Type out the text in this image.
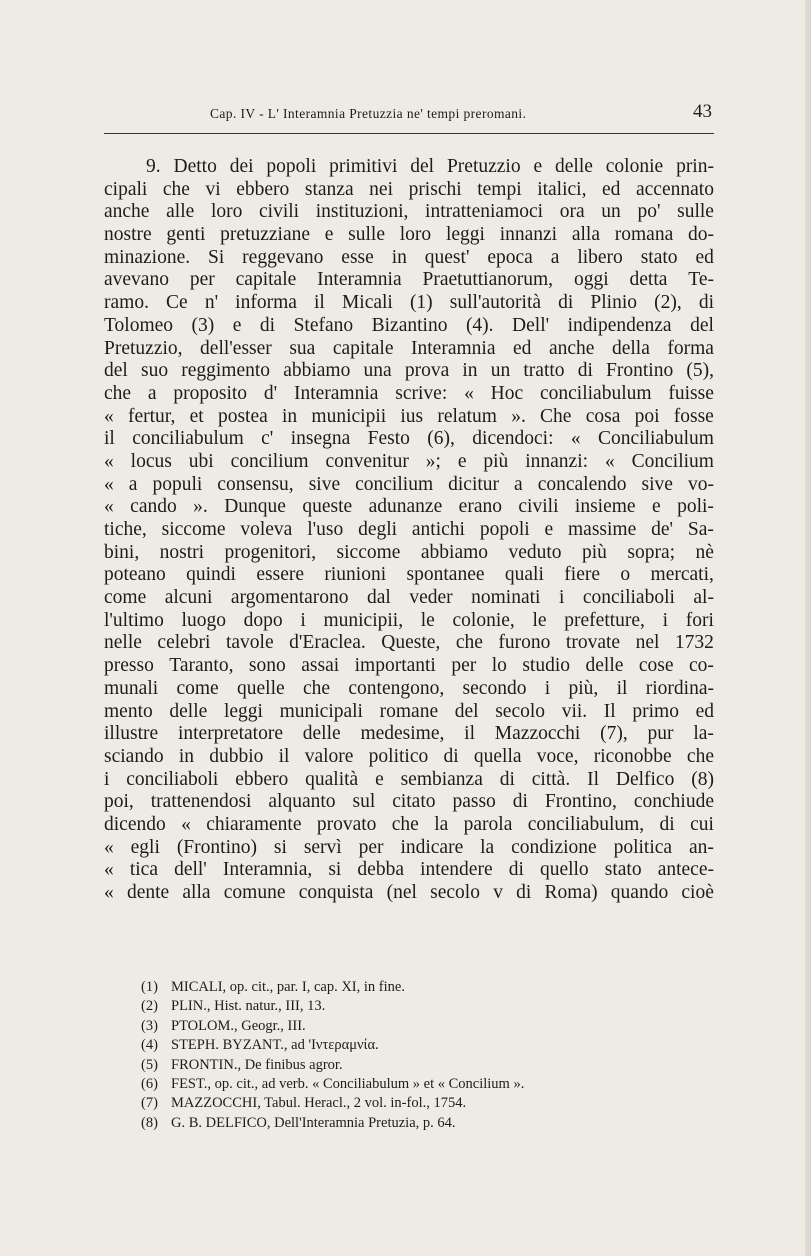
Cap. IV - L' Interamnia Pretuzzia ne' tempi preromani.	43
9. Detto dei popoli primitivi del Pretuzzio e delle colonie prin-
cipali che vi ebbero stanza nei prischi tempi italici, ed accennato
anche alle loro civili instituzioni, intratteniamoci ora un po' sulle
nostre genti pretuzziane e sulle loro leggi innanzi alla romana do-
minazione. Si reggevano esse in quest' epoca a libero stato ed
avevano per capitale Interamnia Praetuttianorum, oggi detta Te-
ramo. Ce n' informa il Micali (1) sull'autorità di Plinio (2), di
Tolomeo (3) e di Stefano Bizantino (4). Dell' indipendenza del
Pretuzzio, dell'esser sua capitale Interamnia ed anche della forma
del suo reggimento abbiamo una prova in un tratto di Frontino (5),
che a proposito d' Interamnia scrive: « Hoc conciliabulum fuisse
« fertur, et postea in municipii ius relatum ». Che cosa poi fosse
il conciliabulum c' insegna Festo (6), dicendoci: « Conciliabulum
« locus ubi concilium convenitur »; e più innanzi: « Concilium
« a populi consensu, sive concilium dicitur a concalendo sive vo-
« cando ». Dunque queste adunanze erano civili insieme e poli-
tiche, siccome voleva l'uso degli antichi popoli e massime de' Sa-
bini, nostri progenitori, siccome abbiamo veduto più sopra; nè
poteano quindi essere riunioni spontanee quali fiere o mercati,
come alcuni argomentarono dal veder nominati i conciliaboli al-
l'ultimo luogo dopo i municipii, le colonie, le prefetture, i fori
nelle celebri tavole d'Eraclea. Queste, che furono trovate nel 1732
presso Taranto, sono assai importanti per lo studio delle cose co-
munali come quelle che contengono, secondo i più, il riordina-
mento delle leggi municipali romane del secolo vii. Il primo ed
illustre interpretatore delle medesime, il Mazzocchi (7), pur la-
sciando in dubbio il valore politico di quella voce, riconobbe che
i conciliaboli ebbero qualità e sembianza di città. Il Delfico (8)
poi, trattenendosi alquanto sul citato passo di Frontino, conchiude
dicendo « chiaramente provato che la parola conciliabulum, di cui
« egli (Frontino) si servì per indicare la condizione politica an-
« tica dell' Interamnia, si debba intendere di quello stato antece-
« dente alla comune conquista (nel secolo v di Roma) quando cioè
(1) MICALI, op. cit., par. I, cap. XI, in fine.
(2) PLIN., Hist. natur., III, 13.
(3) PTOLOM., Geogr., III.
(4) STEPH. BYZANT., ad 'Ιντεραμνία.
(5) FRONTIN., De finibus agror.
(6) FEST., op. cit., ad verb. « Conciliabulum » et « Concilium ».
(7) MAZZOCCHI, Tabul. Heracl., 2 vol. in-fol., 1754.
(8) G. B. DELFICO, Dell'Interamnia Pretuzia, p. 64.
